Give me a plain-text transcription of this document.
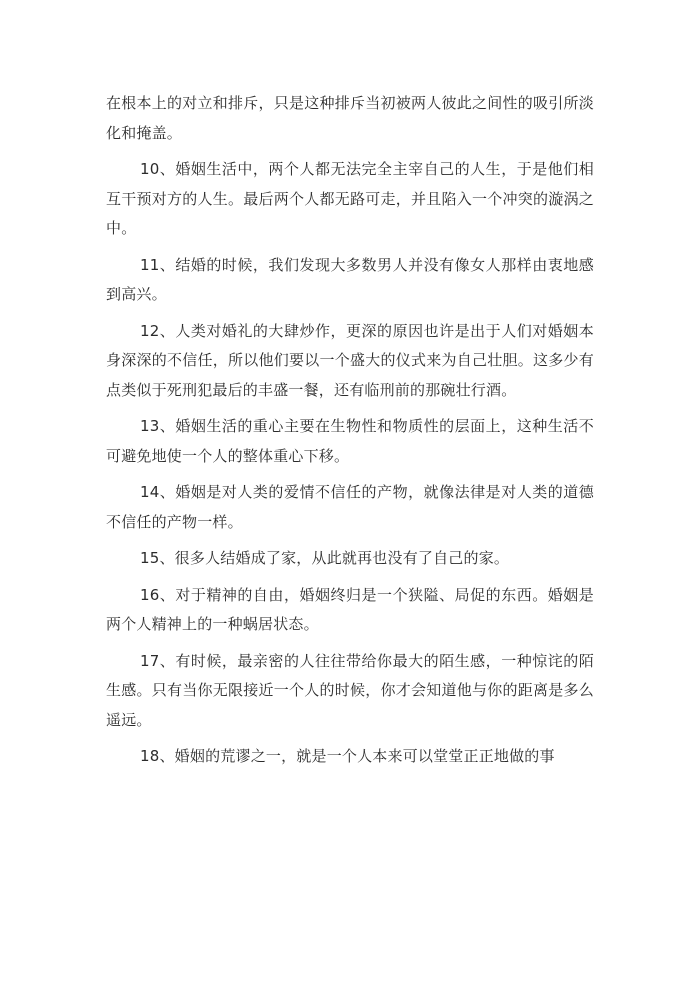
在根本上的对立和排斥，只是这种排斥当初被两人彼此之间性的吸引所淡化和掩盖。

10、婚姻生活中，两个人都无法完全主宰自己的人生，于是他们相互干预对方的人生。最后两个人都无路可走，并且陷入一个冲突的漩涡之中。

11、结婚的时候，我们发现大多数男人并没有像女人那样由衷地感到高兴。

12、人类对婚礼的大肆炒作，更深的原因也许是出于人们对婚姻本身深深的不信任，所以他们要以一个盛大的仪式来为自己壮胆。这多少有点类似于死刑犯最后的丰盛一餐，还有临刑前的那碗壮行酒。

13、婚姻生活的重心主要在生物性和物质性的层面上，这种生活不可避免地使一个人的整体重心下移。

14、婚姻是对人类的爱情不信任的产物，就像法律是对人类的道德不信任的产物一样。

15、很多人结婚成了家，从此就再也没有了自己的家。

16、对于精神的自由，婚姻终归是一个狭隘、局促的东西。婚姻是两个人精神上的一种蜗居状态。

17、有时候，最亲密的人往往带给你最大的陌生感，一种惊诧的陌生感。只有当你无限接近一个人的时候，你才会知道他与你的距离是多么遥远。

18、婚姻的荒谬之一，就是一个人本来可以堂堂正正地做的事
